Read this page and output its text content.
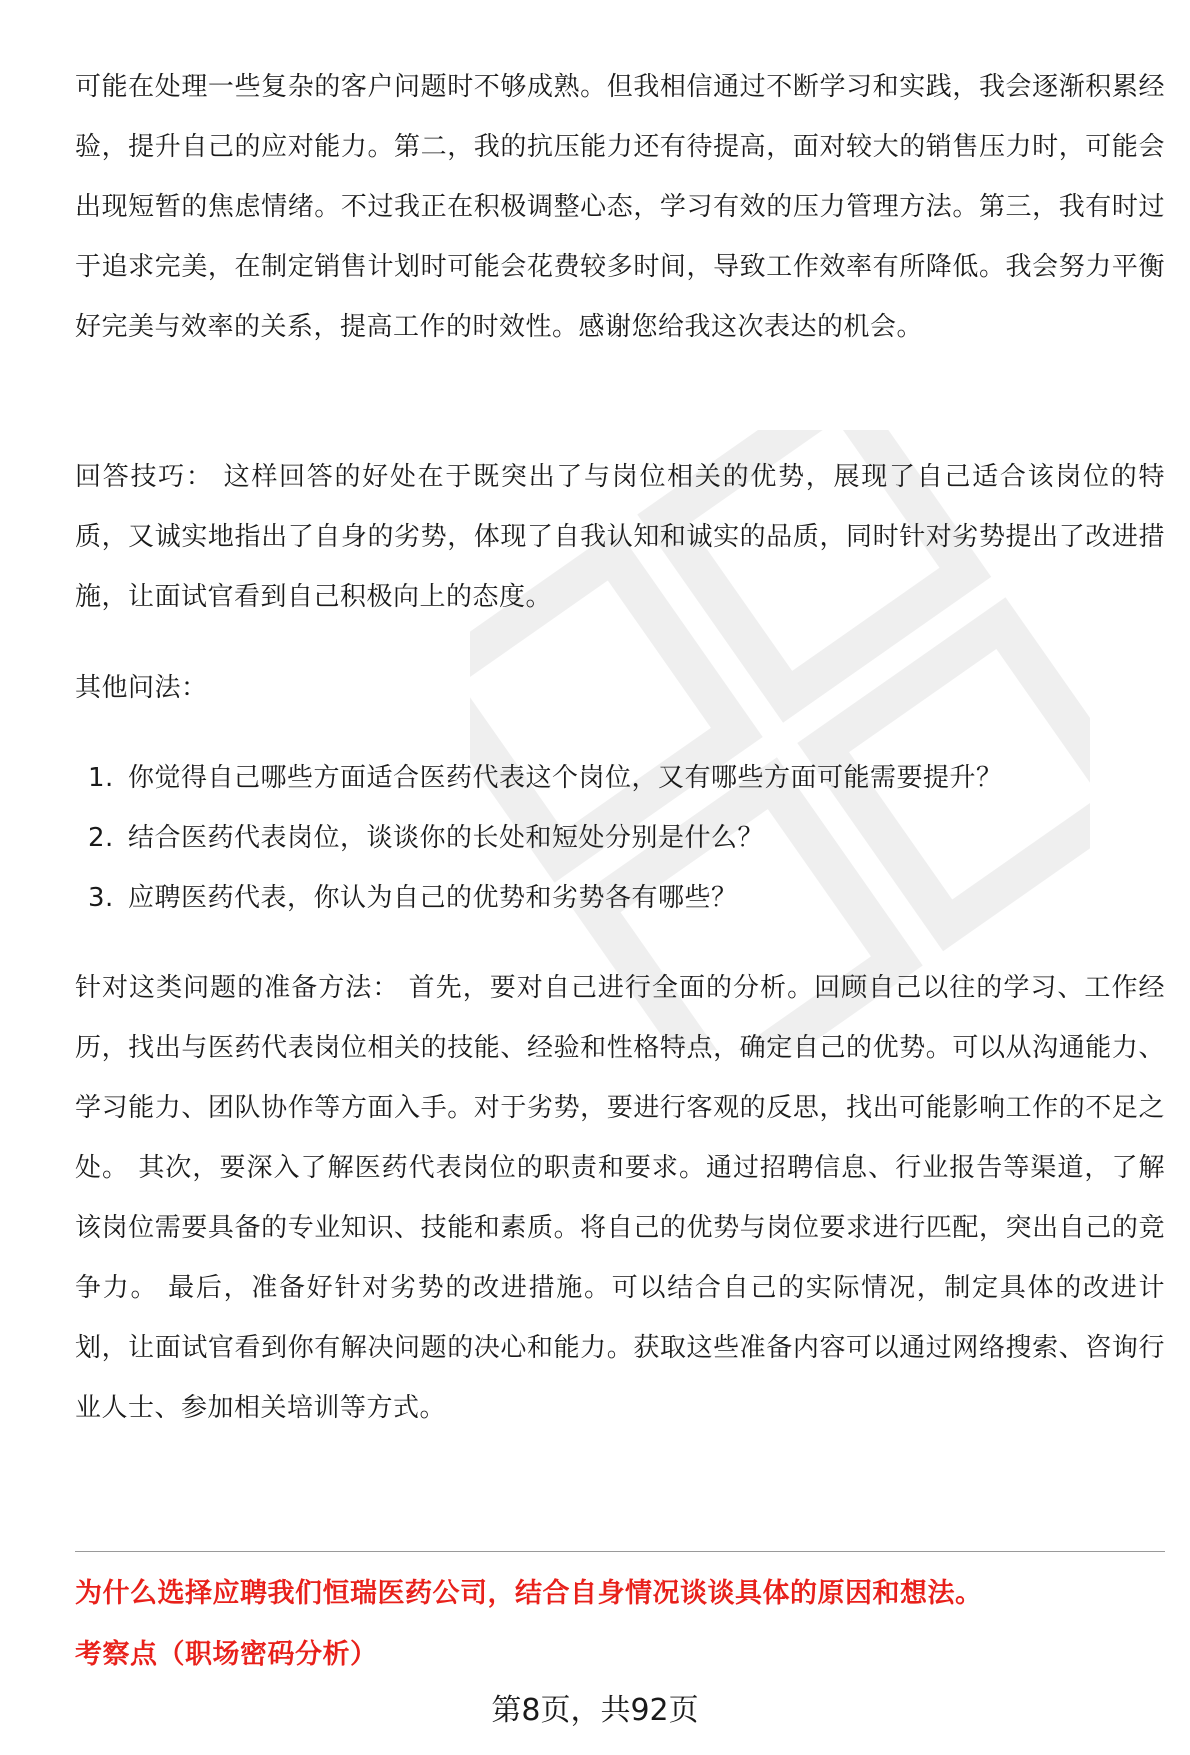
可能在处理一些复杂的客户问题时不够成熟。但我相信通过不断学习和实践，我会逐渐积累经验，提升自己的应对能力。第二，我的抗压能力还有待提高，面对较大的销售压力时，可能会出现短暂的焦虑情绪。不过我正在积极调整心态，学习有效的压力管理方法。第三，我有时过于追求完美，在制定销售计划时可能会花费较多时间，导致工作效率有所降低。我会努力平衡好完美与效率的关系，提高工作的时效性。感谢您给我这次表达的机会。

回答技巧： 这样回答的好处在于既突出了与岗位相关的优势，展现了自己适合该岗位的特质，又诚实地指出了自身的劣势，体现了自我认知和诚实的品质，同时针对劣势提出了改进措施，让面试官看到自己积极向上的态度。

其他问法：

1. 你觉得自己哪些方面适合医药代表这个岗位，又有哪些方面可能需要提升？
2. 结合医药代表岗位，谈谈你的长处和短处分别是什么？
3. 应聘医药代表，你认为自己的优势和劣势各有哪些？

针对这类问题的准备方法： 首先，要对自己进行全面的分析。回顾自己以往的学习、工作经历，找出与医药代表岗位相关的技能、经验和性格特点，确定自己的优势。可以从沟通能力、学习能力、团队协作等方面入手。对于劣势，要进行客观的反思，找出可能影响工作的不足之处。 其次，要深入了解医药代表岗位的职责和要求。通过招聘信息、行业报告等渠道，了解该岗位需要具备的专业知识、技能和素质。将自己的优势与岗位要求进行匹配，突出自己的竞争力。 最后，准备好针对劣势的改进措施。可以结合自己的实际情况，制定具体的改进计划，让面试官看到你有解决问题的决心和能力。获取这些准备内容可以通过网络搜索、咨询行业人士、参加相关培训等方式。

为什么选择应聘我们恒瑞医药公司，结合自身情况谈谈具体的原因和想法。
考察点（职场密码分析）
第8页，共92页
